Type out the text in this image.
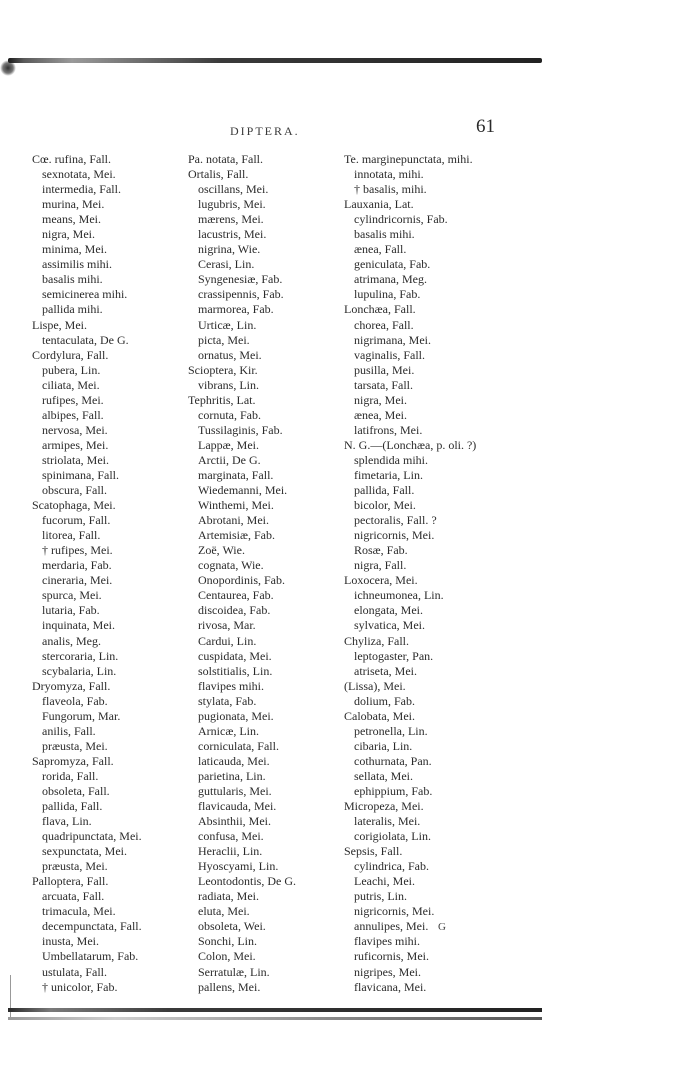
DIPTERA.	61
Cœ. rufina, Fall.
sexnotata, Mei.
intermedia, Fall.
murina, Mei.
means, Mei.
nigra, Mei.
minima, Mei.
assimilis mihi.
basalis mihi.
semicinerea mihi.
pallida mihi.
Lispe, Mei.
tentaculata, De G.
Cordylura, Fall.
pubera, Lin.
ciliata, Mei.
rufipes, Mei.
albipes, Fall.
nervosa, Mei.
armipes, Mei.
striolata, Mei.
spinimana, Fall.
obscura, Fall.
Scatophaga, Mei.
fucorum, Fall.
litorea, Fall.
† rufipes, Mei.
merdaria, Fab.
cineraria, Mei.
spurca, Mei.
lutaria, Fab.
inquinata, Mei.
analis, Meg.
stercoraria, Lin.
scybalaria, Lin.
Dryomyza, Fall.
flaveola, Fab.
Fungorum, Mar.
anilis, Fall.
præusta, Mei.
Sapromyza, Fall.
rorida, Fall.
obsoleta, Fall.
pallida, Fall.
flava, Lin.
quadripunctata, Mei.
sexpunctata, Mei.
præusta, Mei.
Palloptera, Fall.
arcuata, Fall.
trimacula, Mei.
decempunctata, Fall.
inusta, Mei.
Umbellatarum, Fab.
ustulata, Fall.
† unicolor, Fab.
Pa. notata, Fall.
Ortalis, Fall.
oscillans, Mei.
lugubris, Mei.
mærens, Mei.
lacustris, Mei.
nigrina, Wie.
Cerasi, Lin.
Syngenesiæ, Fab.
crassipennis, Fab.
marmorea, Fab.
Urticæ, Lin.
picta, Mei.
ornatus, Mei.
Sciοptera, Kir.
vibrans, Lin.
Tephritis, Lat.
cornuta, Fab.
Tussilaginis, Fab.
Lappæ, Mei.
Arctii, De G.
marginata, Fall.
Wiedemanni, Mei.
Winthemi, Mei.
Abrotani, Mei.
Artemisiæ, Fab.
Zoë, Wie.
cognata, Wie.
Onopordinis, Fab.
Centaurea, Fab.
discoidea, Fab.
rivosa, Mar.
Cardui, Lin.
cuspidata, Mei.
solstitialis, Lin.
flavipes mihi.
stylata, Fab.
pugionata, Mei.
Arnicæ, Lin.
corniculata, Fall.
laticauda, Mei.
parietina, Lin.
guttularis, Mei.
flavicauda, Mei.
Absinthii, Mei.
confusa, Mei.
Heraclii, Lin.
Hyoscyami, Lin.
Leontodontis, De G.
radiata, Mei.
eluta, Mei.
obsoleta, Wei.
Sonchi, Lin.
Colon, Mei.
Serratulæ, Lin.
pallens, Mei.
Te. marginepunctata, mihi.
innotata, mihi.
† basalis, mihi.
Lauxania, Lat.
cylindricornis, Fab.
basalis mihi.
ænea, Fall.
geniculata, Fab.
atrimana, Meg.
lupulina, Fab.
Lonchæa, Fall.
chorea, Fall.
nigrimana, Mei.
vaginalis, Fall.
pusilla, Mei.
tarsata, Fall.
nigra, Mei.
ænea, Mei.
latifrons, Mei.
N. G.—(Lonchæa, p. oli. ?)
splendida mihi.
fimetaria, Lin.
pallida, Fall.
bicolor, Mei.
pectoralis, Fall. ?
nigricornis, Mei.
Rosæ, Fab.
nigra, Fall.
Loxocera, Mei.
ichneumonea, Lin.
elongata, Mei.
sylvatica, Mei.
Chyliza, Fall.
leptogaster, Pan.
atriseta, Mei.
(Lissa), Mei.
dolium, Fab.
Calobata, Mei.
petronella, Lin.
cibaria, Lin.
cothurnata, Pan.
sellata, Mei.
ephippium, Fab.
Micropeza, Mei.
lateralis, Mei.
corigiolata, Lin.
Sepsis, Fall.
cylindrica, Fab.
Leachi, Mei.
putris, Lin.
nigricornis, Mei.
annulipes, Mei.
flavipes mihi.
ruficornis, Mei.
nigripes, Mei.
flavicana, Mei.
G
